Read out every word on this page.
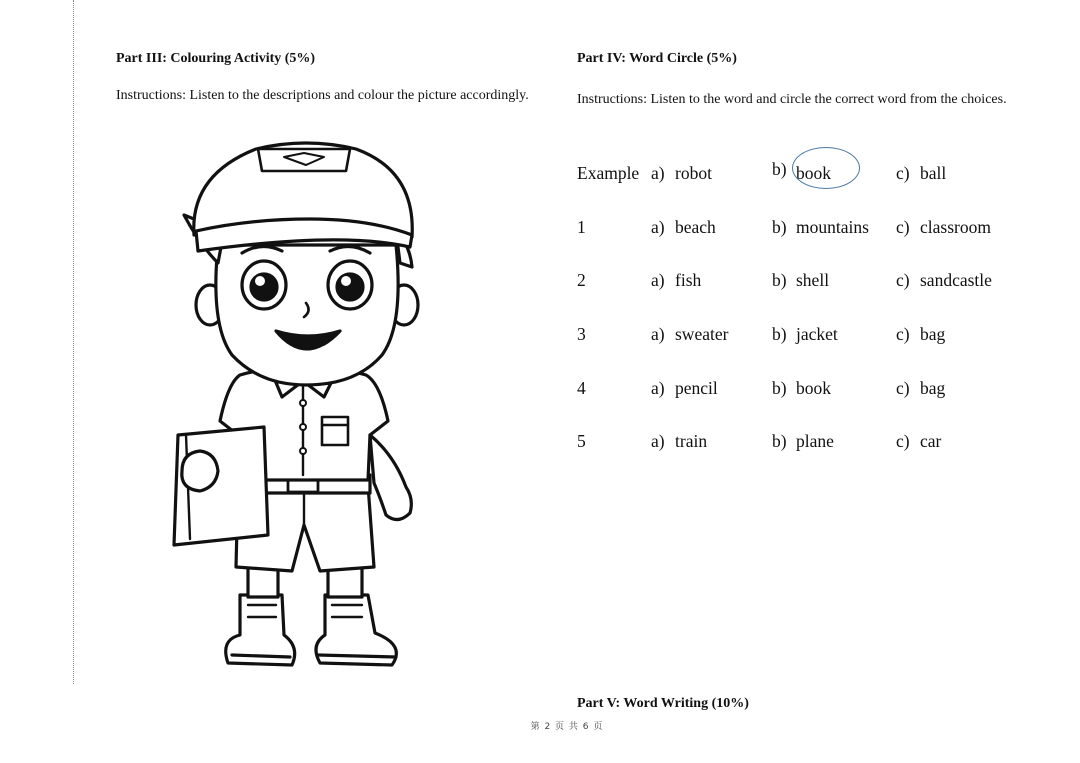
Part III: Colouring Activity (5%)
Instructions: Listen to the descriptions and colour the picture accordingly.
Part IV: Word Circle (5%)
Instructions: Listen to the word and circle the correct word from the choices.
Example a) robot	b) book	c) ball
1	a) beach	b) mountains c) classroom
2	a) fish	b) shell	c) sandcastle
3	a) sweater b) jacket	c) bag
4	a) pencil	b) book	c) bag
5	a) train	b) plane	c) car
Part V: Word Writing (10%)
第 2 页 共 6 页
